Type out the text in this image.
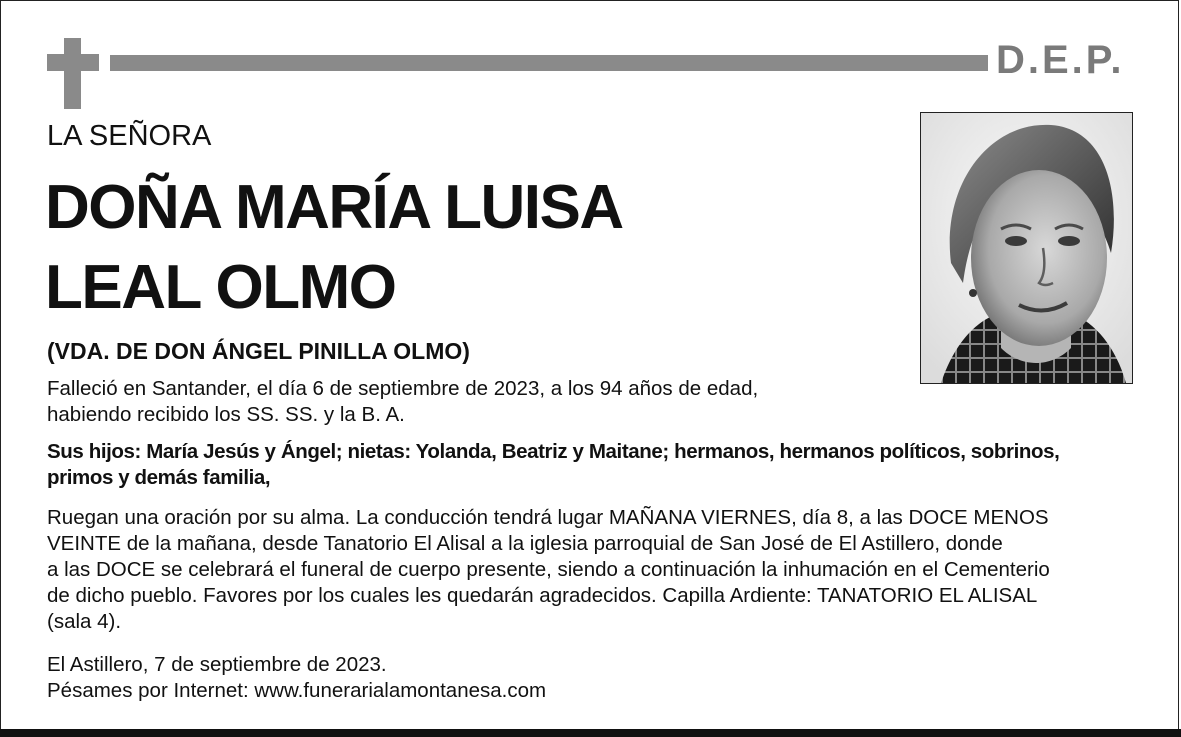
D.E.P.
LA SEÑORA
DOÑA MARÍA LUISA
LEAL OLMO
(VDA. DE DON ÁNGEL PINILLA OLMO)
Falleció en Santander, el día 6 de septiembre de 2023, a los 94 años de edad,
habiendo recibido los SS. SS. y la B. A.
Sus hijos: María Jesús y Ángel; nietas: Yolanda, Beatriz y Maitane; hermanos, hermanos políticos, sobrinos,
primos y demás familia,
Ruegan una oración por su alma. La conducción tendrá lugar MAÑANA VIERNES, día 8, a las DOCE MENOS
VEINTE de la mañana, desde Tanatorio El Alisal a la iglesia parroquial de San José de El Astillero, donde
a las DOCE se celebrará el funeral de cuerpo presente, siendo a continuación la inhumación en el Cementerio
de dicho pueblo. Favores por los cuales les quedarán agradecidos. Capilla Ardiente: TANATORIO EL ALISAL
(sala 4).
El Astillero, 7 de septiembre de 2023.
Pésames por Internet: www.funerarialamontanesa.com
